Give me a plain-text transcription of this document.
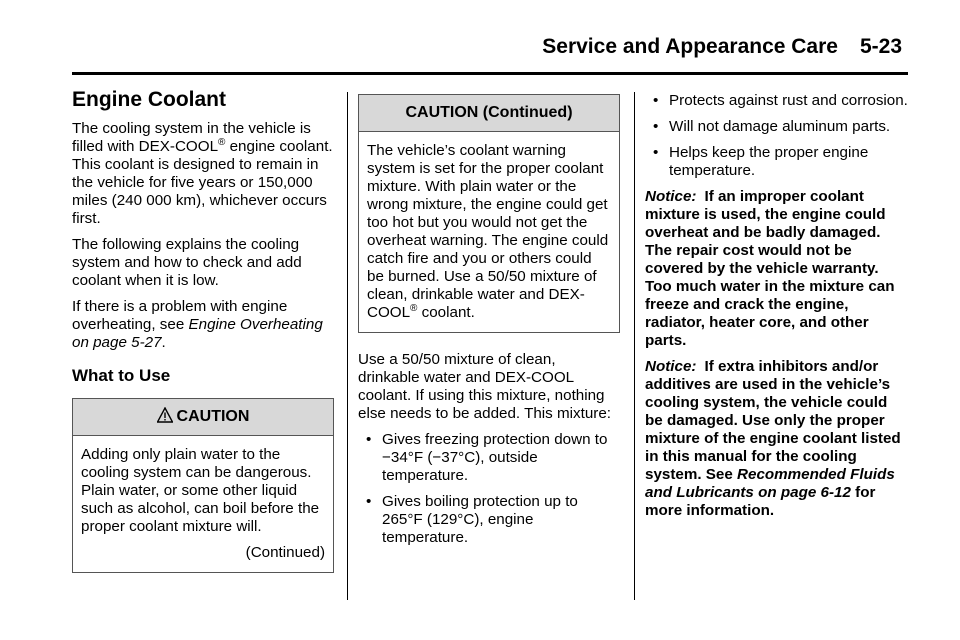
Service and Appearance Care 5-23
Engine Coolant

The cooling system in the vehicle is filled with DEX-COOL® engine coolant. This coolant is designed to remain in the vehicle for five years or 150,000 miles (240 000 km), whichever occurs first.

The following explains the cooling system and how to check and add coolant when it is low.

If there is a problem with engine overheating, see Engine Overheating on page 5-27.

What to Use
CAUTION

Adding only plain water to the cooling system can be dangerous. Plain water, or some other liquid such as alcohol, can boil before the proper coolant mixture will.

(Continued)

CAUTION (Continued)

The vehicle’s coolant warning system is set for the proper coolant mixture. With plain water or the wrong mixture, the engine could get too hot but you would not get the overheat warning. The engine could catch fire and you or others could be burned. Use a 50/50 mixture of clean, drinkable water and DEX-COOL® coolant.

Use a 50/50 mixture of clean, drinkable water and DEX-COOL coolant. If using this mixture, nothing else needs to be added. This mixture:

• Gives freezing protection down to −34°F (−37°C), outside temperature.
• Gives boiling protection up to 265°F (129°C), engine temperature.
• Protects against rust and corrosion.
• Will not damage aluminum parts.
• Helps keep the proper engine temperature.

Notice: If an improper coolant mixture is used, the engine could overheat and be badly damaged. The repair cost would not be covered by the vehicle warranty. Too much water in the mixture can freeze and crack the engine, radiator, heater core, and other parts.

Notice: If extra inhibitors and/or additives are used in the vehicle’s cooling system, the vehicle could be damaged. Use only the proper mixture of the engine coolant listed in this manual for the cooling system. See Recommended Fluids and Lubricants on page 6-12 for more information.
